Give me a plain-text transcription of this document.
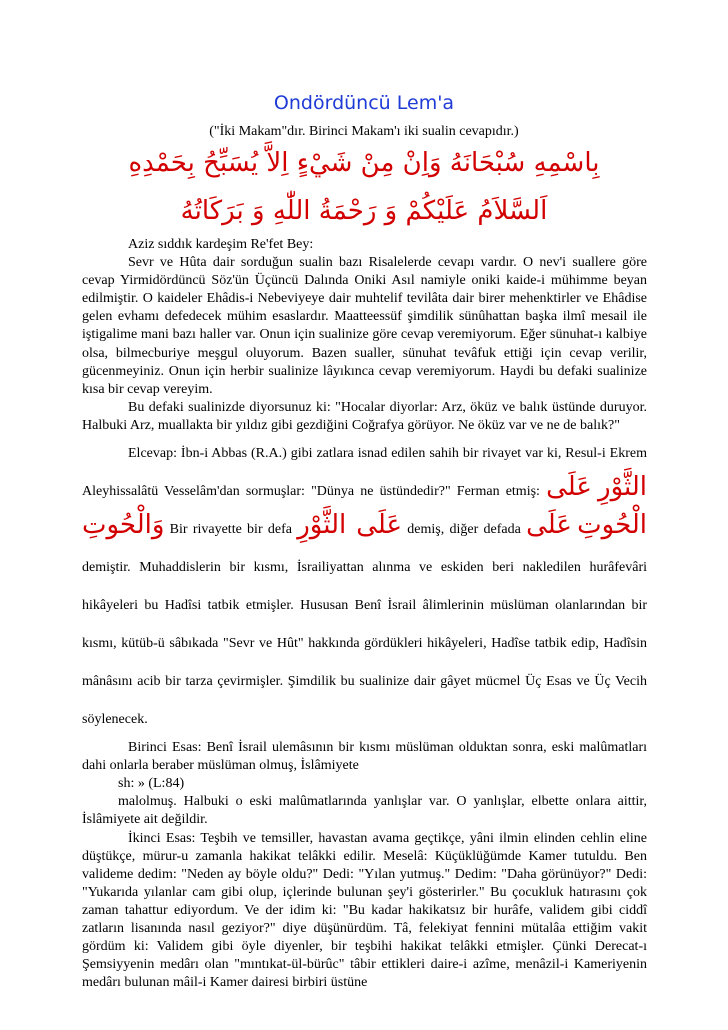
Ondördüncü Lem'a
("İki Makam"dır. Birinci Makam'ı iki sualin cevapıdır.)
بِاسْمِهِ سُبْحَانَهُ وَاِنْ مِنْ شَيْءٍ اِلاَّ يُسَبِّحُ بِحَمْدِهِ
اَلسَّلاَمُ عَلَيْكُمْ وَ رَحْمَةُ اللّٰهِ وَ بَرَكَاتُهُ

Aziz sıddık kardeşim Re'fet Bey:

Sevr ve Hûta dair sorduğun sualin bazı Risalelerde cevapı vardır. O nev'i suallere göre cevap Yirmidördüncü Söz'ün Üçüncü Dalında Oniki Asıl namiyle oniki kaide-i mühimme beyan edilmiştir. O kaideler Ehâdis-i Nebeviyeye dair muhtelif tevilâta dair birer mehenktirler ve Ehâdise gelen evhamı defedecek mühim esaslardır. Maatteessüf şimdilik sünûhattan başka ilmî mesail ile iştigalime mani bazı haller var. Onun için sualinize göre cevap veremiyorum. Eğer sünuhat-ı kalbiye olsa, bilmecburiye meşgul oluyorum. Bazen sualler, sünuhat tevâfuk ettiği için cevap verilir, gücenmeyiniz. Onun için herbir sualinize lâyıkınca cevap veremiyorum. Haydi bu defaki sualinize kısa bir cevap vereyim.

Bu defaki sualinizde diyorsunuz ki: "Hocalar diyorlar: Arz, öküz ve balık üstünde duruyor. Halbuki Arz, muallakta bir yıldız gibi gezdiğini Coğrafya görüyor. Ne öküz var ve ne de balık?"

Elcevap: İbn-i Abbas (R.A.) gibi zatlara isnad edilen sahih bir rivayet var ki, Resul-i Ekrem Aleyhissalâtü Vesselâm'dan sormuşlar: "Dünya ne üstündedir?" Ferman etmiş: عَلَى الثَّوْرِ وَالْحُوتِ Bir rivayette bir defa عَلَى الثَّوْرِ demiş, diğer defada عَلَى الْحُوتِ demiştir. Muhaddislerin bir kısmı, İsrailiyattan alınma ve eskiden beri nakledilen hurâfevâri hikâyeleri bu Hadîsi tatbik etmişler. Hususan Benî İsrail âlimlerinin müslüman olanlarından bir kısmı, kütüb-ü sâbıkada "Sevr ve Hût" hakkında gördükleri hikâyeleri, Hadîse tatbik edip, Hadîsin mânâsını acib bir tarza çevirmişler. Şimdilik bu sualinize dair gâyet mücmel Üç Esas ve Üç Vecih söylenecek.

Birinci Esas: Benî İsrail ulemâsının bir kısmı müslüman olduktan sonra, eski malûmatları dahi onlarla beraber müslüman olmuş, İslâmiyete

sh: » (L:84)

malolmuş. Halbuki o eski malûmatlarında yanlışlar var. O yanlışlar, elbette onlara aittir, İslâmiyete ait değildir.

İkinci Esas: Teşbih ve temsiller, havastan avama geçtikçe, yâni ilmin elinden cehlin eline düştükçe, mürur-u zamanla hakikat telâkki edilir. Meselâ: Küçüklüğümde Kamer tutuldu. Ben valideme dedim: "Neden ay böyle oldu?" Dedi: "Yılan yutmuş." Dedim: "Daha görünüyor?" Dedi: "Yukarıda yılanlar cam gibi olup, içlerinde bulunan şey'i gösterirler." Bu çocukluk hatırasını çok zaman tahattur ediyordum. Ve der idim ki: "Bu kadar hakikatsız bir hurâfe, validem gibi ciddî zatların lisanında nasıl geziyor?" diye düşünürdüm. Tâ, felekiyat fennini mütalâa ettiğim vakit gördüm ki: Validem gibi öyle diyenler, bir teşbihi hakikat telâkki etmişler. Çünki Derecat-ı Şemsiyyenin medârı olan "mıntıkat-ül-bürûc" tâbir ettikleri daire-i azîme, menâzil-i Kameriyenin medârı bulunan mâil-i Kamer dairesi birbiri üstüne
